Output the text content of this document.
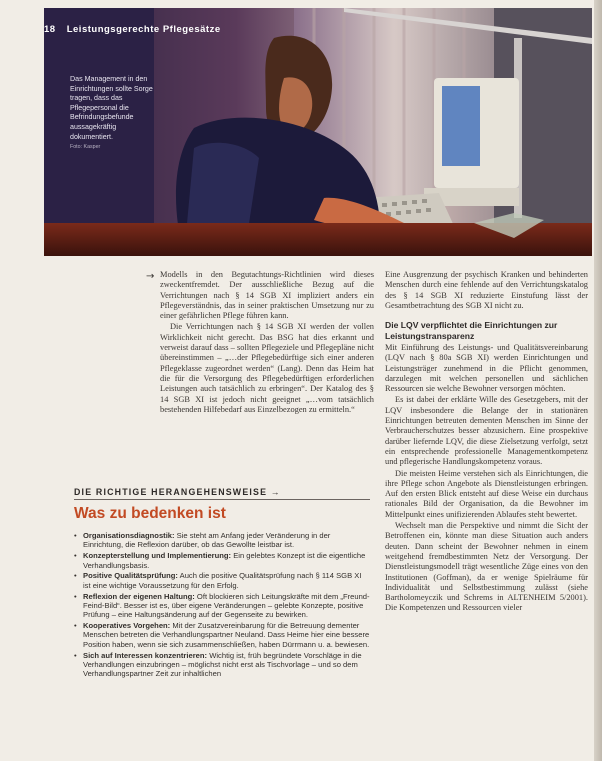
18 Leistungsgerechte Pflegesätze
Das Management in den Einrichtungen sollte Sorge tragen, dass das Pflegepersonal die Befrindungsbefunde aussagekräftig dokumentiert.
Foto: Kasper
→ Modells in den Begutachtungs-Richtlinien wird dieses zweckentfremdet. Der ausschließliche Bezug auf die Verrichtungen nach § 14 SGB XI impliziert anders ein Pflegeverständnis, das in seiner praktischen Umsetzung nur zu einer gefährlichen Pflege führen kann.

Die Verrichtungen nach § 14 SGB XI werden der vollen Wirklichkeit nicht gerecht. Das BSG hat dies erkannt und verweist darauf dass – sollten Pflegeziele und Pflegepläne nicht übereinstimmen – „…der Pflegebedürftige sich einer anderen Pflegeklasse zugeordnet werden“ (Lang). Denn das Heim hat die für die Versorgung des Pflegebedürftigen erforderlichen Leistungen auch tatsächlich zu erbringen“. Der Katalog des § 14 SGB XI ist jedoch nicht geeignet „…vom tatsächlich bestehenden Hilfebedarf aus Einzelbezogen zu ermitteln.“

Eine Ausgrenzung der psychisch Kranken und behinderten Menschen durch eine fehlende auf den Verrichtungskatalog des § 14 SGB XI reduzierte Einstufung lässt der Gesamtbetrachtung des SGB XI nicht zu.

Die LQV verpflichtet die Einrichtungen zur Leistungstransparenz

Mit Einführung des Leistungs- und Qualitätsvereinbarung (LQV nach § 80a SGB XI) werden Einrichtungen und Leistungsträger zunehmend in die Pflicht genommen, darzulegen mit welchen personellen und sächlichen Ressourcen sie welche Bewohner versorgen möchten.

Es ist dabei der erklärte Wille des Gesetzgebers, mit der LQV insbesondere die Belange der in stationären Einrichtungen betreuten dementen Menschen im Sinne der Verbraucherschutzes besser abzusichern. Eine prospektive darüber liefernde LQV, die diese Zielsetzung verfolgt, setzt ein entsprechende professionelle Managementkompetenz und pflegerische Handlungskompetenz voraus.

Die meisten Heime verstehen sich als Einrichtungen, die ihre Pflege schon Angebote als Dienstleistungen erbringen. Auf den ersten Blick entsteht auf diese Weise ein durchaus rationales Bild der Organisation, da die Bewohner im Mittelpunkt eines unifizierenden Ablaufes steht bewertet.

Wechselt man die Perspektive und nimmt die Sicht der Betroffenen ein, könnte man diese Situation auch anders deuten. Dann scheint der Bewohner nehmen in einem weitgehend fremdbestimmten Netz der Versorgung. Der Dienstleistungsmodell trägt wesentliche Züge eines von den Institutionen (Goffman), da er wenige Spielräume für Individualität und Selbstbestimmung zulässt (siehe Bartholomeyczik und Schrems in ALTENHEIM 5/2001). Die Kompetenzen und Ressourcen vieler

DIE RICHTIGE HERANGEHENSWEISE →
Was zu bedenken ist
• Organisationsdiagnostik: Sie steht am Anfang jeder Veränderung in der Einrichtung, die Reflexion darüber, ob das Gewollte leistbar ist.
• Konzepterstellung und Implementierung: Ein gelebtes Konzept ist die eigentliche Verhandlungsbasis.
• Positive Qualitätsprüfung: Auch die positive Qualitätsprüfung nach § 114 SGB XI ist eine wichtige Voraussetzung für den Erfolg.
• Reflexion der eigenen Haltung: Oft blockieren sich Leitungskräfte mit dem „Freund-Feind-Bild“. Besser ist es, über eigene Veränderungen – gelebte Konzepte, positive Prüfung – eine Haltungsänderung auf der Gegenseite zu bewirken.
• Kooperatives Vorgehen: Mit der Zusatzvereinbarung für die Betreuung dementer Menschen betreten die Verhandlungspartner Neuland. Dass Heime hier eine bessere Position haben, wenn sie sich zusammenschließen, haben Dürrmann u. a. bewiesen.
• Sich auf Interessen konzentrieren: Wichtig ist, früh begründete Vorschläge in die Verhandlungen einzubringen – möglichst nicht erst als Tischvorlage – und so dem Verhandlungspartner Zeit zur inhaltlichen
